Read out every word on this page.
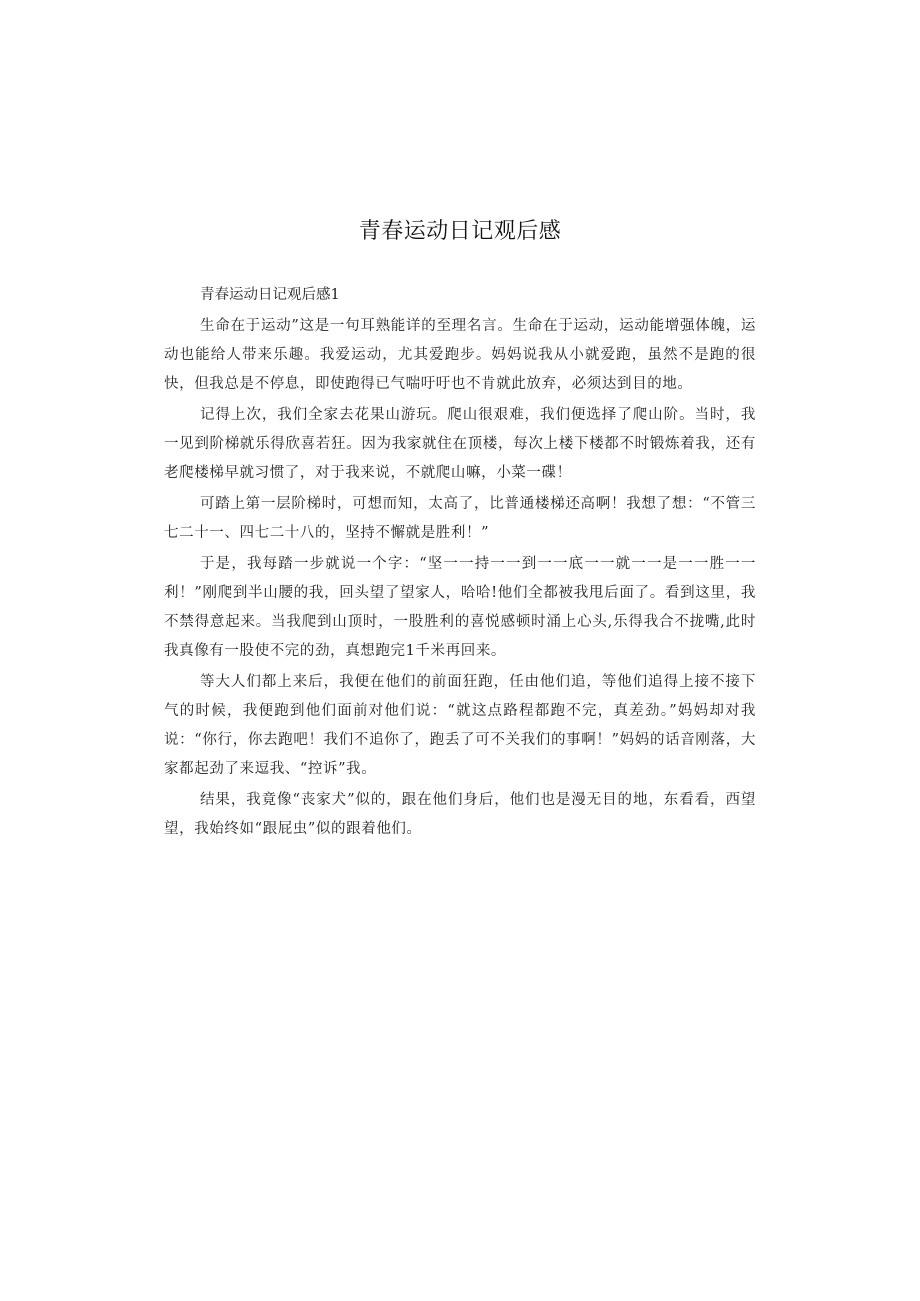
青春运动日记观后感

青春运动日记观后感1

生命在于运动”这是一句耳熟能详的至理名言。生命在于运动，运动能增强体魄，运动也能给人带来乐趣。我爱运动，尤其爱跑步。妈妈说我从小就爱跑，虽然不是跑的很快，但我总是不停息，即使跑得已气喘吁吁也不肯就此放弃，必须达到目的地。

记得上次，我们全家去花果山游玩。爬山很艰难，我们便选择了爬山阶。当时，我一见到阶梯就乐得欣喜若狂。因为我家就住在顶楼，每次上楼下楼都不时锻炼着我，还有老爬楼梯早就习惯了，对于我来说，不就爬山嘛，小菜一碟！

可踏上第一层阶梯时，可想而知，太高了，比普通楼梯还高啊！我想了想：“不管三七二十一、四七二十八的，坚持不懈就是胜利！”

于是，我每踏一步就说一个字：“坚一一持一一到一一底一一就一一是一一胜一一利！”刚爬到半山腰的我，回头望了望家人，哈哈!他们全都被我甩后面了。看到这里，我不禁得意起来。当我爬到山顶时，一股胜利的喜悦感顿时涌上心头,乐得我合不拢嘴,此时我真像有一股使不完的劲，真想跑完1千米再回来。

等大人们都上来后，我便在他们的前面狂跑，任由他们追，等他们追得上接不接下气的时候，我便跑到他们面前对他们说：“就这点路程都跑不完，真差劲。”妈妈却对我说：“你行，你去跑吧！我们不追你了，跑丢了可不关我们的事啊！”妈妈的话音刚落，大家都起劲了来逗我、“控诉”我。

结果，我竟像“丧家犬”似的，跟在他们身后，他们也是漫无目的地，东看看，西望望，我始终如“跟屁虫”似的跟着他们。
